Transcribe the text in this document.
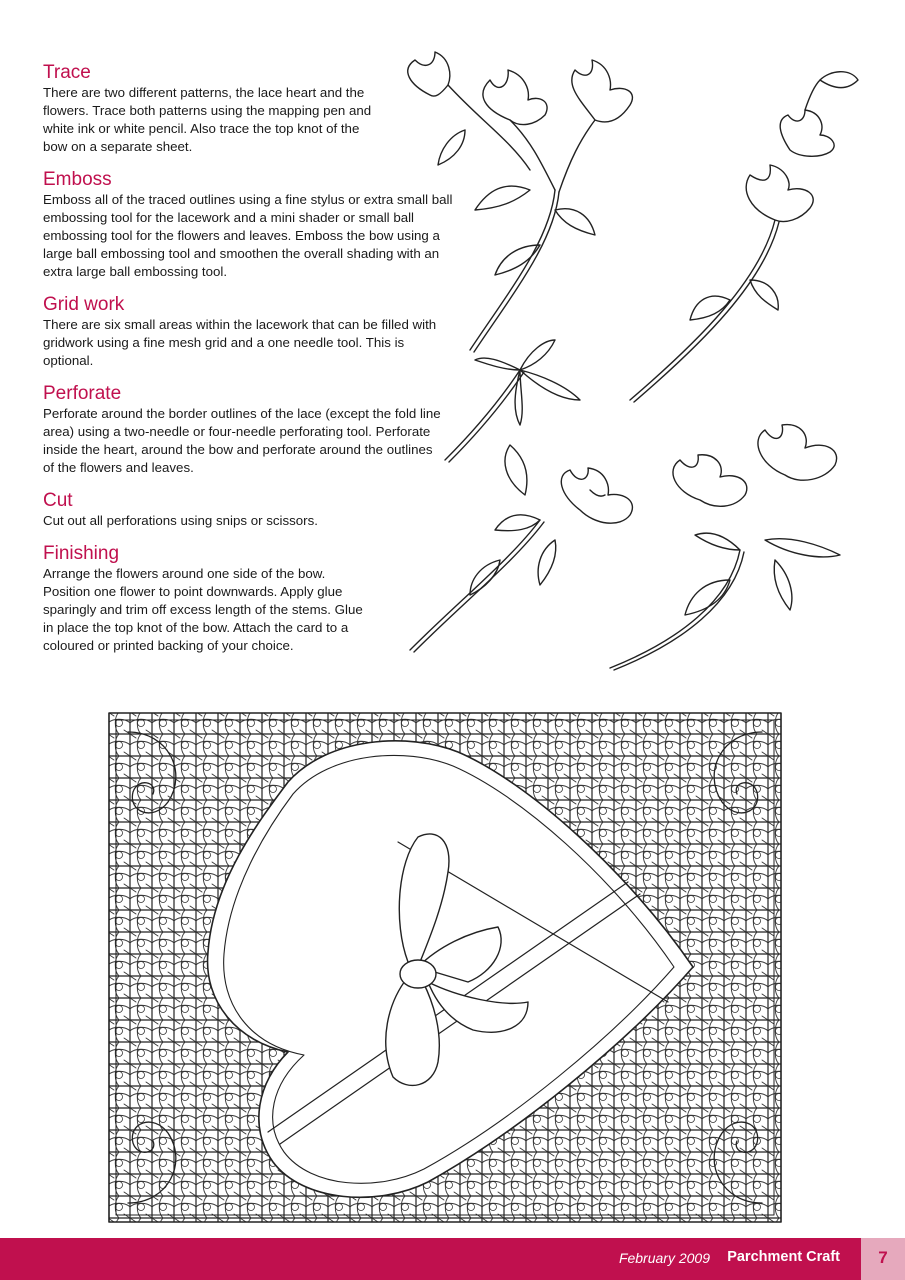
Trace

There are two different patterns, the lace heart and the flowers. Trace both patterns using the mapping pen and white ink or white pencil. Also trace the top knot of the bow on a separate sheet.

Emboss

Emboss all of the traced outlines using a fine stylus or extra small ball embossing tool for the lacework and a mini shader or small ball embossing tool for the flowers and leaves. Emboss the bow using a large ball embossing tool and smoothen the overall shading with an extra large ball embossing tool.

Grid work

There are six small areas within the lacework that can be filled with gridwork using a fine mesh grid and a one needle tool. This is optional.

Perforate

Perforate around the border outlines of the lace (except the fold line area) using a two-needle or four-needle perforating tool. Perforate inside the heart, around the bow and perforate around the outlines of the flowers and leaves.

Cut

Cut out all perforations using snips or scissors.

Finishing

Arrange the flowers around one side of the bow. Position one flower to point downwards. Apply glue sparingly and trim off excess length of the stems. Glue in place the top knot of the bow. Attach the card to a coloured or printed backing of your choice.

February 2009 Parchment Craft	7
